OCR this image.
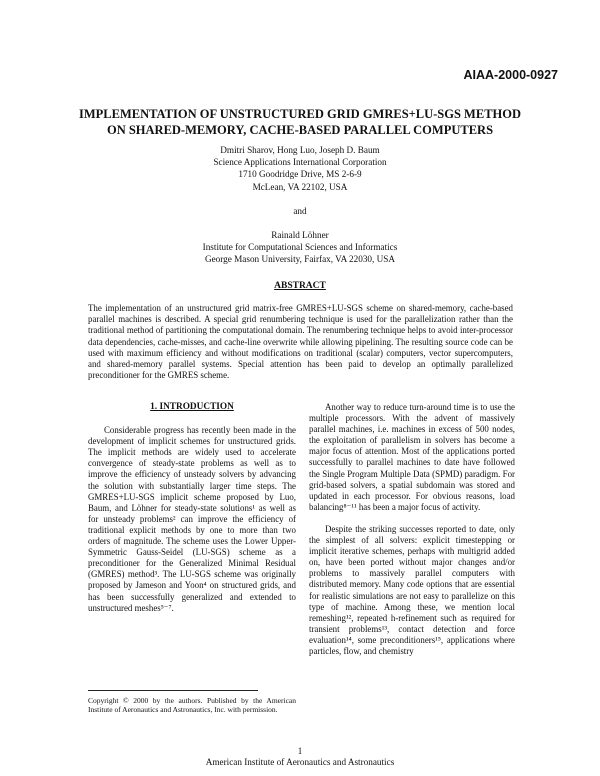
AIAA-2000-0927
IMPLEMENTATION OF UNSTRUCTURED GRID GMRES+LU-SGS METHOD
ON SHARED-MEMORY, CACHE-BASED PARALLEL COMPUTERS
Dmitri Sharov, Hong Luo, Joseph D. Baum
Science Applications International Corporation
1710 Goodridge Drive, MS 2-6-9
McLean, VA 22102, USA
and
Rainald Löhner
Institute for Computational Sciences and Informatics
George Mason University, Fairfax, VA 22030, USA
ABSTRACT
The implementation of an unstructured grid matrix-free GMRES+LU-SGS scheme on shared-memory, cache-based parallel machines is described. A special grid renumbering technique is used for the parallelization rather than the traditional method of partitioning the computational domain. The renumbering technique helps to avoid inter-processor data dependencies, cache-misses, and cache-line overwrite while allowing pipelining. The resulting source code can be used with maximum efficiency and without modifications on traditional (scalar) computers, vector supercomputers, and shared-memory parallel systems. Special attention has been paid to develop an optimally parallelized preconditioner for the GMRES scheme.
1. INTRODUCTION

Considerable progress has recently been made in the development of implicit schemes for unstructured grids. The implicit methods are widely used to accelerate convergence of steady-state problems as well as to improve the efficiency of unsteady solvers by advancing the solution with substantially larger time steps. The GMRES+LU-SGS implicit scheme proposed by Luo, Baum, and Löhner for steady-state solutions¹ as well as for unsteady problems² can improve the efficiency of traditional explicit methods by one to more than two orders of magnitude. The scheme uses the Lower Upper-Symmetric Gauss-Seidel (LU-SGS) scheme as a preconditioner for the Generalized Minimal Residual (GMRES) method³. The LU-SGS scheme was originally proposed by Jameson and Yoon⁴ on structured grids, and has been successfully generalized and extended to unstructured meshes⁵⁻⁷.

Another way to reduce turn-around time is to use the multiple processors. With the advent of massively parallel machines, i.e. machines in excess of 500 nodes, the exploitation of parallelism in solvers has become a major focus of attention. Most of the applications ported successfully to parallel machines to date have followed the Single Program Multiple Data (SPMD) paradigm. For grid-based solvers, a spatial subdomain was stored and updated in each processor. For obvious reasons, load balancing⁸⁻¹¹ has been a major focus of activity.

Despite the striking successes reported to date, only the simplest of all solvers: explicit timestepping or implicit iterative schemes, perhaps with multigrid added on, have been ported without major changes and/or problems to massively parallel computers with distributed memory. Many code options that are essential for realistic simulations are not easy to parallelize on this type of machine. Among these, we mention local remeshing¹², repeated h-refinement such as required for transient problems¹³, contact detection and force evaluation¹⁴, some preconditioners¹⁵, applications where particles, flow, and chemistry

Copyright © 2000 by the authors. Published by the American Institute of Aeronautics and Astronautics, Inc. with permission.
1
American Institute of Aeronautics and Astronautics
